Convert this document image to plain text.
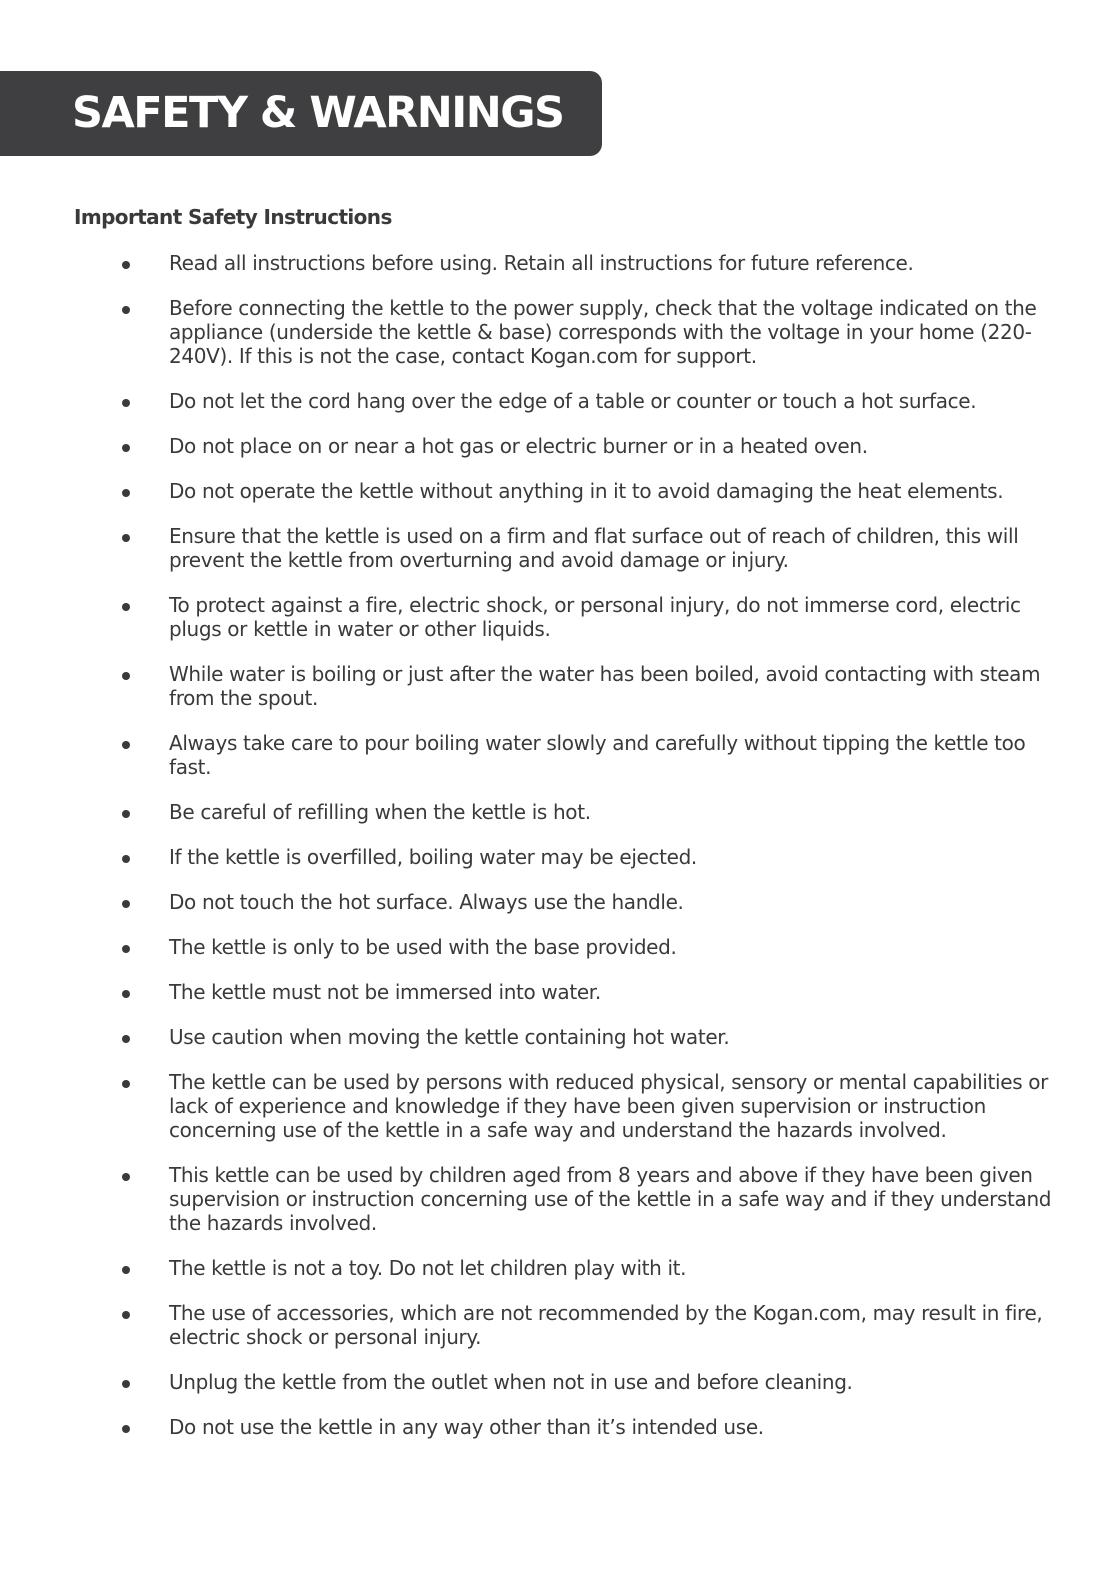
SAFETY & WARNINGS
Important Safety Instructions
Read all instructions before using. Retain all instructions for future reference.
Before connecting the kettle to the power supply, check that the voltage indicated on the appliance (underside the kettle & base) corresponds with the voltage in your home (220-240V). If this is not the case, contact Kogan.com for support.
Do not let the cord hang over the edge of a table or counter or touch a hot surface.
Do not place on or near a hot gas or electric burner or in a heated oven.
Do not operate the kettle without anything in it to avoid damaging the heat elements.
Ensure that the kettle is used on a firm and flat surface out of reach of children, this will prevent the kettle from overturning and avoid damage or injury.
To protect against a fire, electric shock, or personal injury, do not immerse cord, electric plugs or kettle in water or other liquids.
While water is boiling or just after the water has been boiled, avoid contacting with steam from the spout.
Always take care to pour boiling water slowly and carefully without tipping the kettle too fast.
Be careful of refilling when the kettle is hot.
If the kettle is overfilled, boiling water may be ejected.
Do not touch the hot surface. Always use the handle.
The kettle is only to be used with the base provided.
The kettle must not be immersed into water.
Use caution when moving the kettle containing hot water.
The kettle can be used by persons with reduced physical, sensory or mental capabilities or lack of experience and knowledge if they have been given supervision or instruction concerning use of the kettle in a safe way and understand the hazards involved.
This kettle can be used by children aged from 8 years and above if they have been given supervision or instruction concerning use of the kettle in a safe way and if they understand the hazards involved.
The kettle is not a toy. Do not let children play with it.
The use of accessories, which are not recommended by the Kogan.com, may result in fire, electric shock or personal injury.
Unplug the kettle from the outlet when not in use and before cleaning.
Do not use the kettle in any way other than it’s intended use.
